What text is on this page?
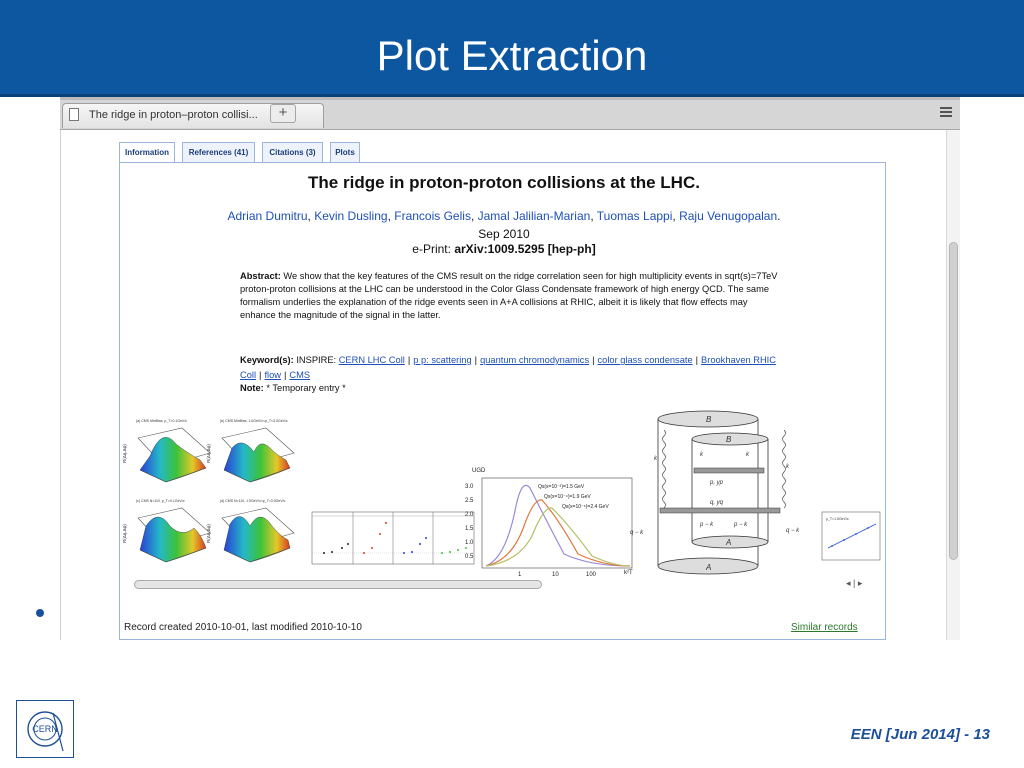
Plot Extraction
The ridge in proton–proton collisi...	+
Information	References (41)	Citations (3)	Plots
The ridge in proton-proton collisions at the LHC.
Adrian Dumitru, Kevin Dusling, Francois Gelis, Jamal Jalilian-Marian, Tuomas Lappi, Raju Venugopalan.
Sep 2010
e-Print: arXiv:1009.5295 [hep-ph]
Abstract: We show that the key features of the CMS result on the ridge correlation seen for high multiplicity events in sqrt(s)=7TeV proton-proton collisions at the LHC can be understood in the Color Glass Condensate framework of high energy QCD. The same formalism underlies the explanation of the ridge events seen in A+A collisions at RHIC, albeit it is likely that flow effects may enhance the magnitude of the signal in the latter.
Keyword(s): INSPIRE: CERN LHC Coll | p p: scattering | quantum chromodynamics | color glass condensate | Brookhaven RHIC Coll | flow | CMS
Note: * Temporary entry *
(a) CMS MinBias, p_T>0.1GeV/c
R(Δη,Δφ)
(b) CMS MinBias, 1.0GeV/c<p_T<3.0GeV/c
R(Δη,Δφ)
(c) CMS N>110, p_T>0.1GeV/c
R(Δη,Δφ)
(d) CMS N>110, 1.0GeV/c<p_T<3.0GeV/c
R(Δη,Δφ)
UGD
3.0
2.5
2.0
1.5
1.0
0.5
1	10	100	k²T
Qs(x=10⁻²)=1.5 GeV
Qs(x=10⁻⁴)=1.9 GeV
Qs(x=10⁻⁶)=2.4 GeV
B
B
k
k	k
k
p, yp
q, yq
p − k	p − k
q − k	q − k
A
A
p_T=1.5GeV/c
◂ | ▸
Record created 2010-10-01, last modified 2010-10-10	Similar records
CERN	EEN [Jun 2014] - 13
